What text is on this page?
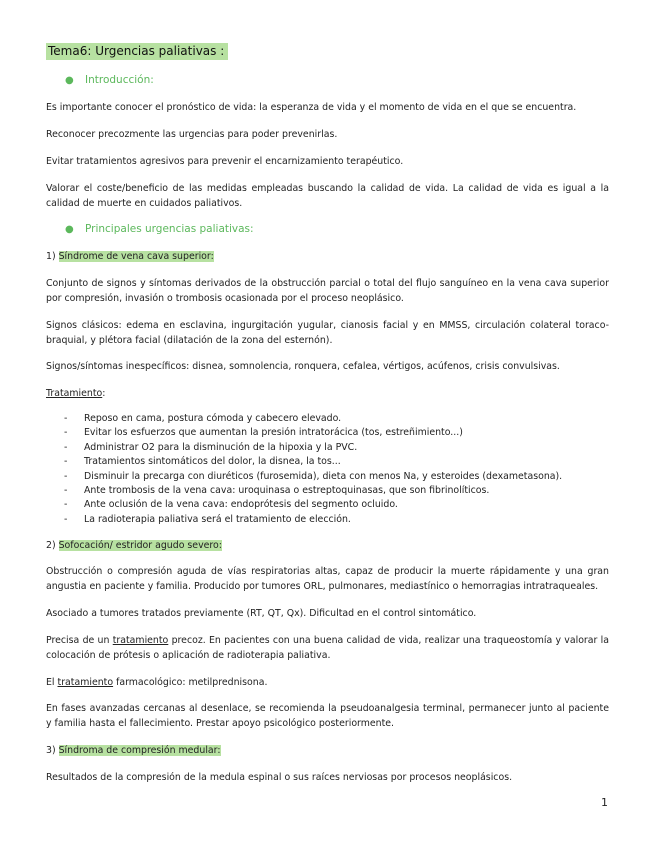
Tema6: Urgencias paliativas :
● Introducción:
Es importante conocer el pronóstico de vida: la esperanza de vida y el momento de vida en el que se encuentra.
Reconocer precozmente las urgencias para poder prevenirlas.
Evitar tratamientos agresivos para prevenir el encarnizamiento terapéutico.
Valorar el coste/beneficio de las medidas empleadas buscando la calidad de vida. La calidad de vida es igual a la calidad de muerte en cuidados paliativos.
● Principales urgencias paliativas:
1) Síndrome de vena cava superior:
Conjunto de signos y síntomas derivados de la obstrucción parcial o total del flujo sanguíneo en la vena cava superior por compresión, invasión o trombosis ocasionada por el proceso neoplásico.
Signos clásicos: edema en esclavina, ingurgitación yugular, cianosis facial y en MMSS, circulación colateral toraco-braquial, y plétora facial (dilatación de la zona del esternón).
Signos/síntomas inespecíficos: disnea, somnolencia, ronquera, cefalea, vértigos, acúfenos, crisis convulsivas.
Tratamiento:
- Reposo en cama, postura cómoda y cabecero elevado.
- Evitar los esfuerzos que aumentan la presión intratorácica (tos, estreñimiento...)
- Administrar O2 para la disminución de la hipoxia y la PVC.
- Tratamientos sintomáticos del dolor, la disnea, la tos...
- Disminuir la precarga con diuréticos (furosemida), dieta con menos Na, y esteroides (dexametasona).
- Ante trombosis de la vena cava: uroquinasa o estreptoquinasas, que son fibrinolíticos.
- Ante oclusión de la vena cava: endoprótesis del segmento ocluido.
- La radioterapia paliativa será el tratamiento de elección.
2) Sofocación/ estridor agudo severo:
Obstrucción o compresión aguda de vías respiratorias altas, capaz de producir la muerte rápidamente y una gran angustia en paciente y familia. Producido por tumores ORL, pulmonares, mediastínico o hemorragias intratraqueales.
Asociado a tumores tratados previamente (RT, QT, Qx). Dificultad en el control sintomático.
Precisa de un tratamiento precoz. En pacientes con una buena calidad de vida, realizar una traqueostomía y valorar la colocación de prótesis o aplicación de radioterapia paliativa.
El tratamiento farmacológico: metilprednisona.
En fases avanzadas cercanas al desenlace, se recomienda la pseudoanalgesia terminal, permanecer junto al paciente y familia hasta el fallecimiento. Prestar apoyo psicológico posteriormente.
3) Síndroma de compresión medular:
Resultados de la compresión de la medula espinal o sus raíces nerviosas por procesos neoplásicos.
1
